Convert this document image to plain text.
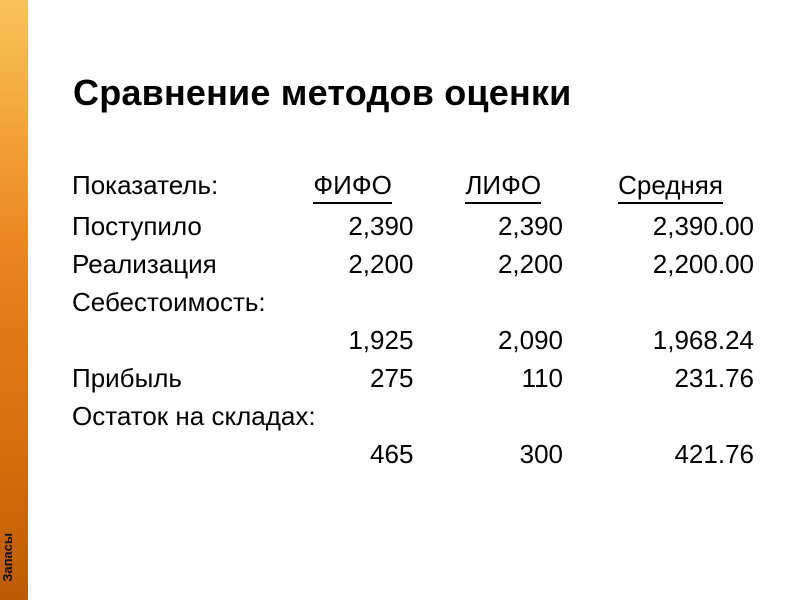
Запасы
Сравнение методов оценки
Показатель:	ФИФО	ЛИФО	Средняя
Поступило	2,390	2,390	2,390.00
Реализация	2,200	2,200	2,200.00
Себестоимость:			
	1,925	2,090	1,968.24
Прибыль	275	110	231.76
Остаток на складах:			
	465	300	421.76
